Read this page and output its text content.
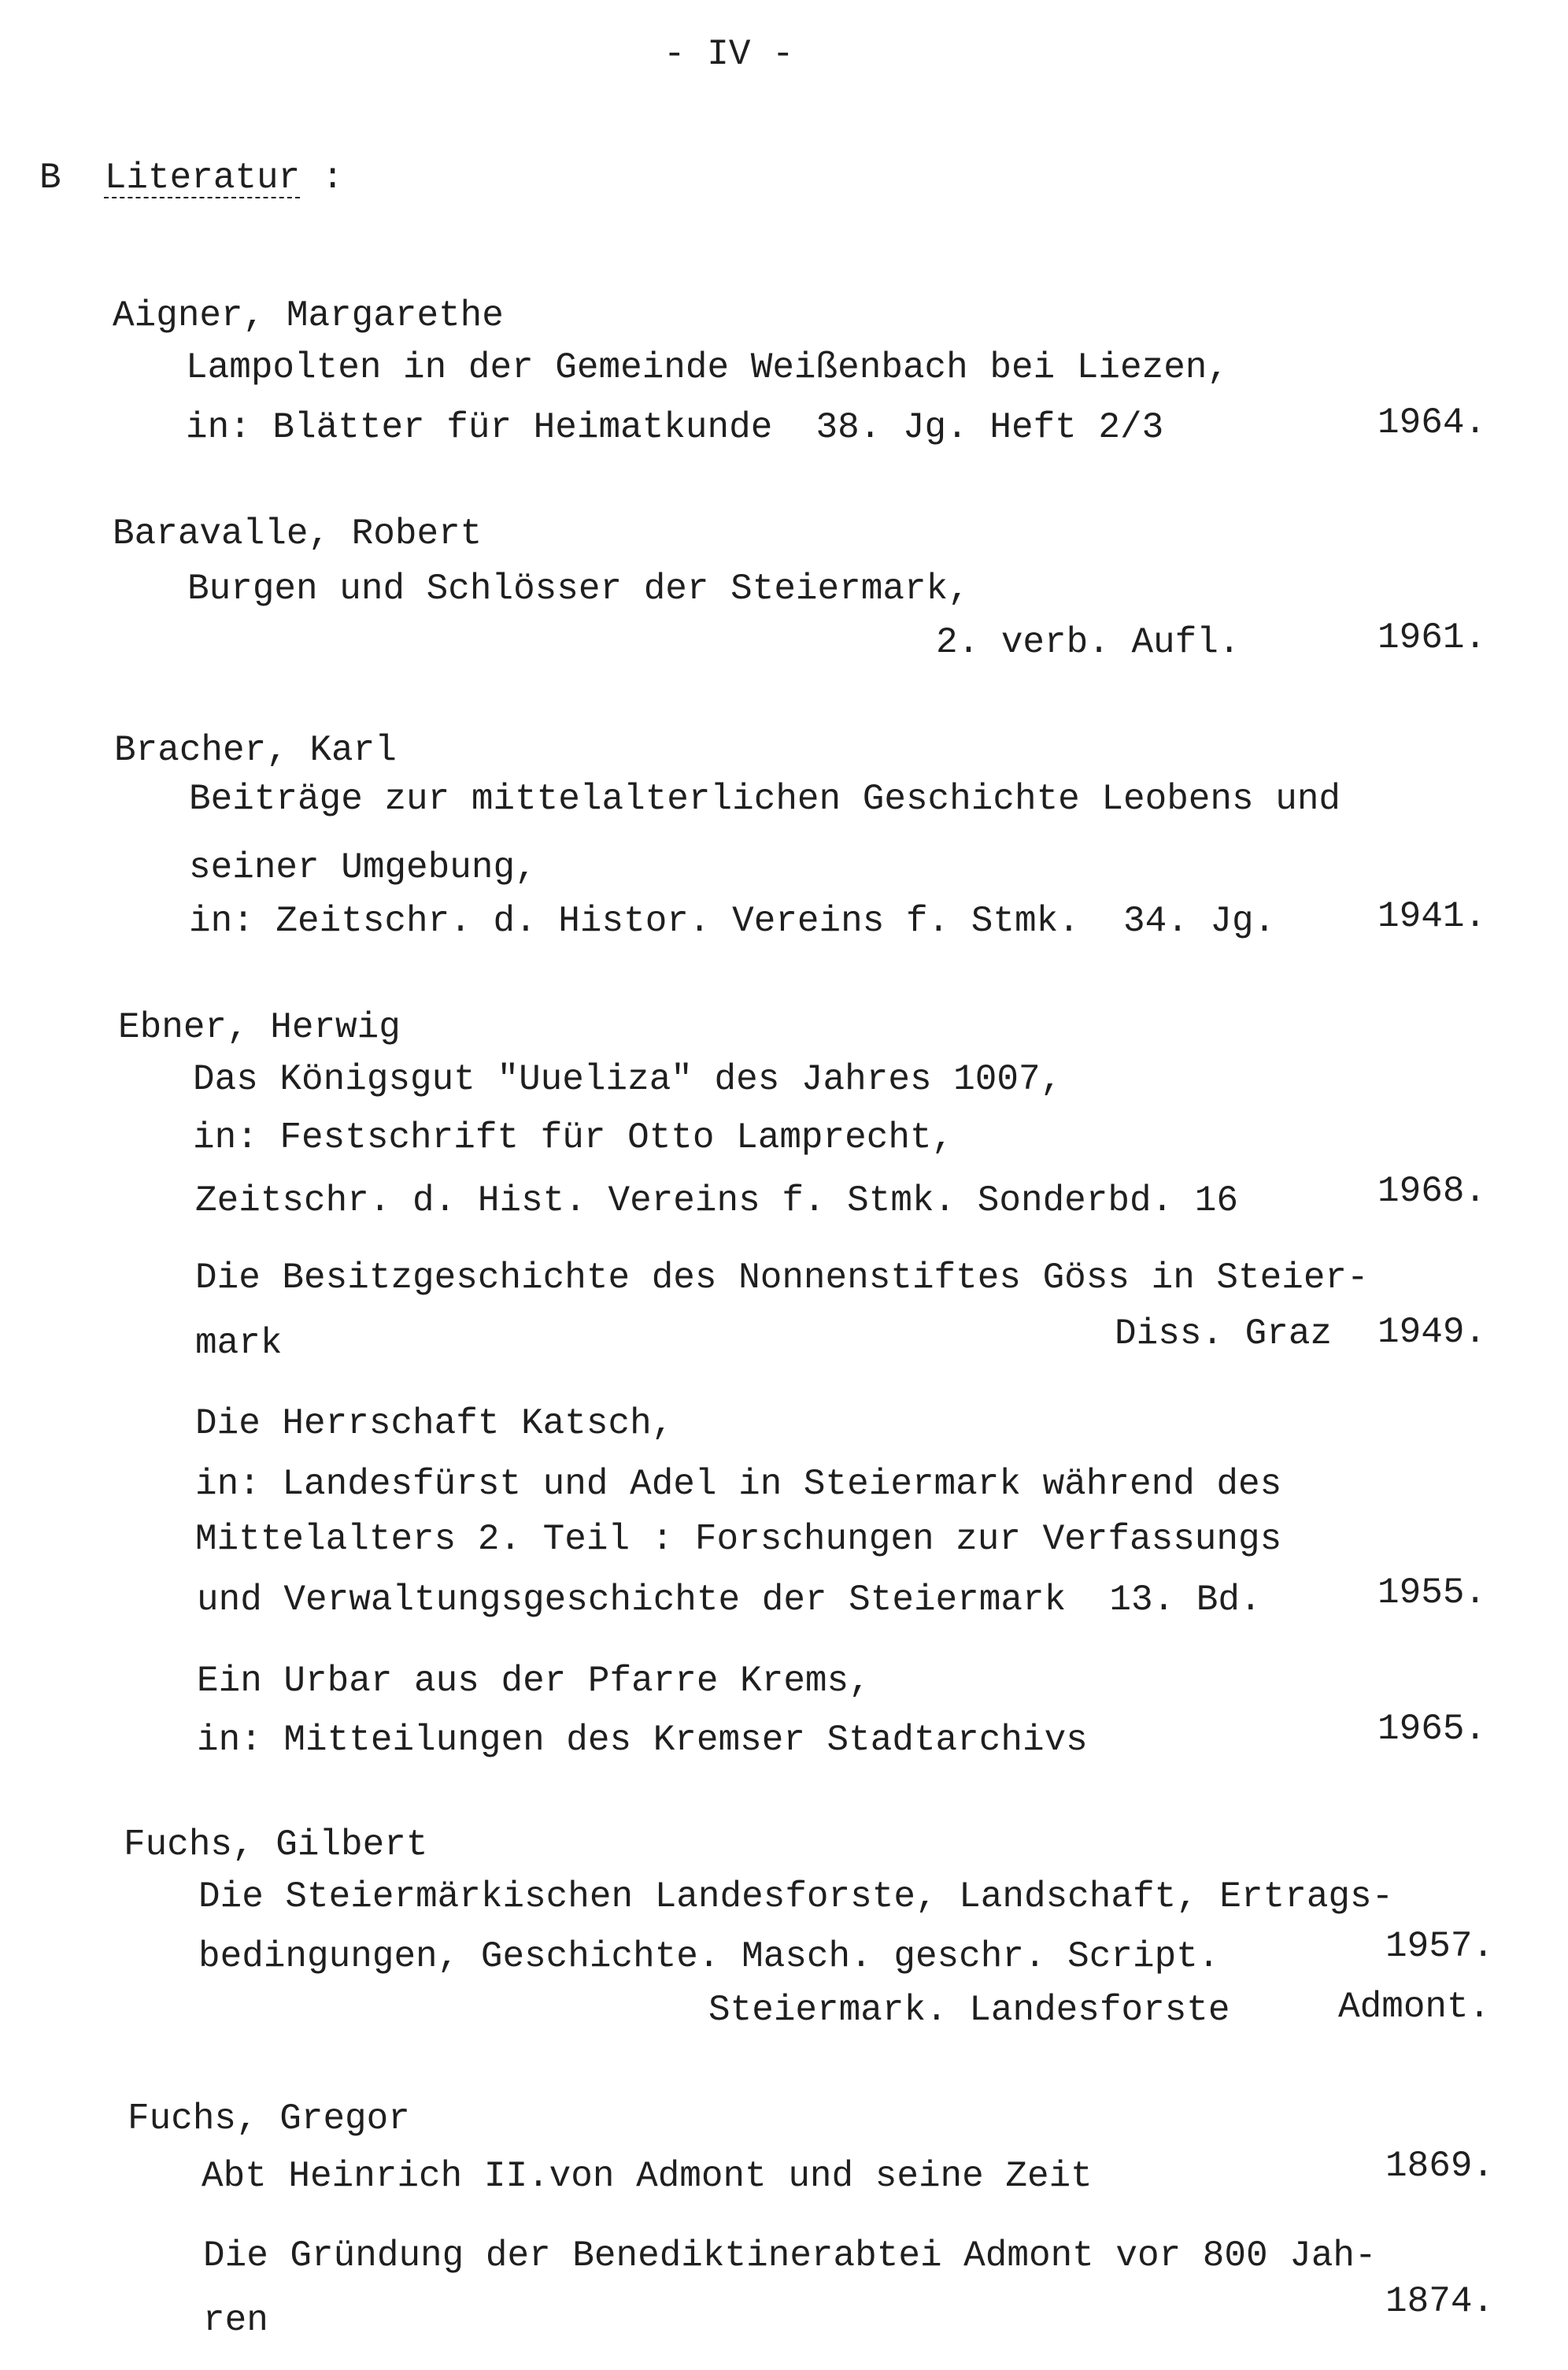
- IV -
B Literatur :
Aigner, Margarethe
Lampolten in der Gemeinde Weißenbach bei Liezen,
in: Blätter für Heimatkunde  38. Jg. Heft 2/3	1964.
Baravalle, Robert
Burgen und Schlösser der Steiermark,
2. verb. Aufl.	1961.
Bracher, Karl
Beiträge zur mittelalterlichen Geschichte Leobens und
seiner Umgebung,
in: Zeitschr. d. Histor. Vereins f. Stmk.  34. Jg.	1941.
Ebner, Herwig
Das Königsgut "Uueliza" des Jahres 1007,
in: Festschrift für Otto Lamprecht,
Zeitschr. d. Hist. Vereins f. Stmk. Sonderbd. 16	1968.
Die Besitzgeschichte des Nonnenstiftes Göss in Steier-
mark	Diss. Graz 1949.
Die Herrschaft Katsch,
in: Landesfürst und Adel in Steiermark während des
Mittelalters 2. Teil : Forschungen zur Verfassungs
und Verwaltungsgeschichte der Steiermark  13. Bd.	1955.
Ein Urbar aus der Pfarre Krems,
in: Mitteilungen des Kremser Stadtarchivs	1965.
Fuchs, Gilbert
Die Steiermärkischen Landesforste, Landschaft, Ertrags-
bedingungen, Geschichte. Masch. geschr. Script.	1957.
Steiermark. Landesforste	Admont.
Fuchs, Gregor
Abt Heinrich II.von Admont und seine Zeit	1869.
Die Gründung der Benediktinerabtei Admont vor 800 Jah-
ren	1874.
